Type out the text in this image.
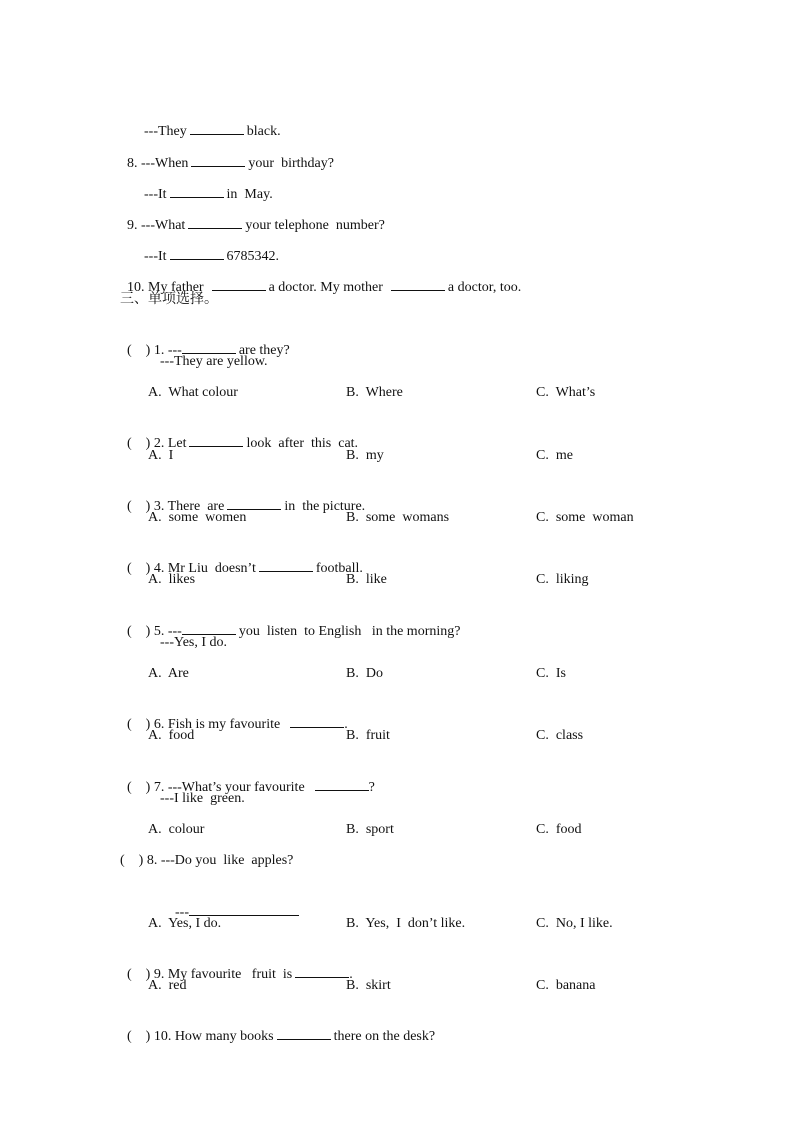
---They	black.

8. ---When	your  birthday?

---It	in  May.

9. ---What	your telephone  number?

---It	6785342.

10. My father	a doctor. My mother	a doctor, too.

三、单项选择。

(    ) 1. ---	are they?

---They are yellow.
A.  What colour	B.  Where	C.  What’s

(    ) 2. Let	look  after  this  cat.

A.  I	B.  my	C.  me

(    ) 3. There  are	in  the picture.

A.  some  women	B.  some  womans	C.  some  woman

(    ) 4. Mr Liu  doesn’t	football.

A.  likes	B.  like	C.  liking

(    ) 5. ---	you  listen  to English   in the morning?

---Yes, I do.
A.  Are	B.  Do	C.  Is

(    ) 6. Fish is my favourite	.

A.  food	B.  fruit	C.  class

(    ) 7. ---What’s your favourite	?

---I like  green.
A.  colour	B.  sport	C.  food
(    ) 8. ---Do you  like  apples?

---

A.  Yes, I do.	B.  Yes,  I  don’t like.	C.  No, I like.

(    ) 9. My favourite   fruit  is	.

A.  red	B.  skirt	C.  banana

(    ) 10. How many books	there on the desk?
